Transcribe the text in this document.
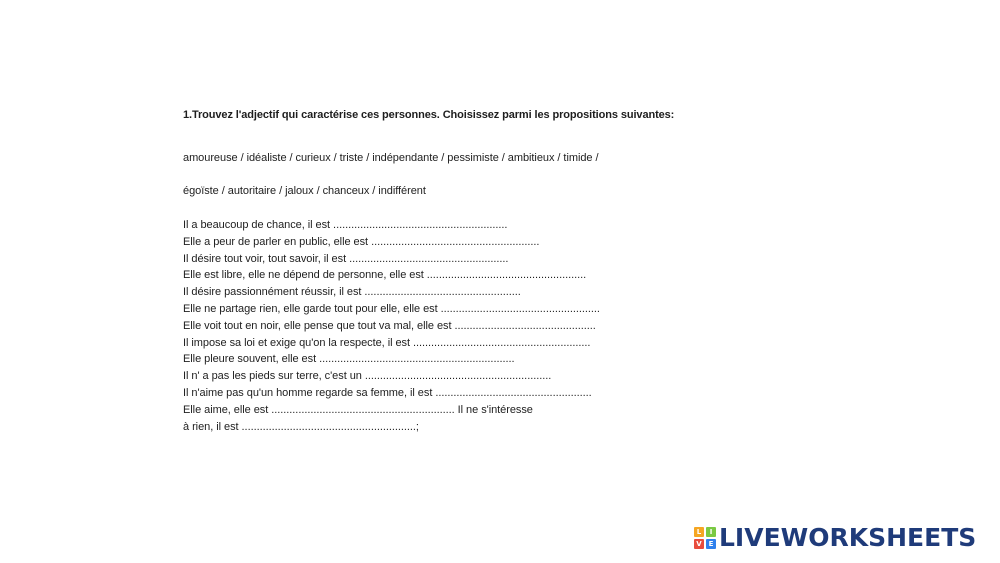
1.Trouvez l'adjectif qui caractérise ces personnes. Choisissez parmi les propositions suivantes:

amoureuse / idéaliste / curieux / triste / indépendante / pessimiste / ambitieux / timide /

égoïste / autoritaire / jaloux / chanceux / indifférent

Il a beaucoup de chance, il est ..........................................................
Elle a peur de parler en public, elle est ........................................................
Il désire tout voir, tout savoir, il est .....................................................
Elle est libre, elle ne dépend de personne, elle est .....................................................
Il désire passionnément réussir, il est ....................................................
Elle ne partage rien, elle garde tout pour elle, elle est .....................................................
Elle voit tout en noir, elle pense que tout va mal, elle est ...............................................
Il impose sa loi et exige qu'on la respecte, il est ...........................................................
Elle pleure souvent, elle est .................................................................
Il n' a pas les pieds sur terre, c'est un ..............................................................
Il n'aime pas qu'un homme regarde sa femme, il est ....................................................
Elle aime, elle est ............................................................. Il ne s'intéresse
à rien, il est ..........................................................;
L	I
V E LIVEWORKSHEETS
